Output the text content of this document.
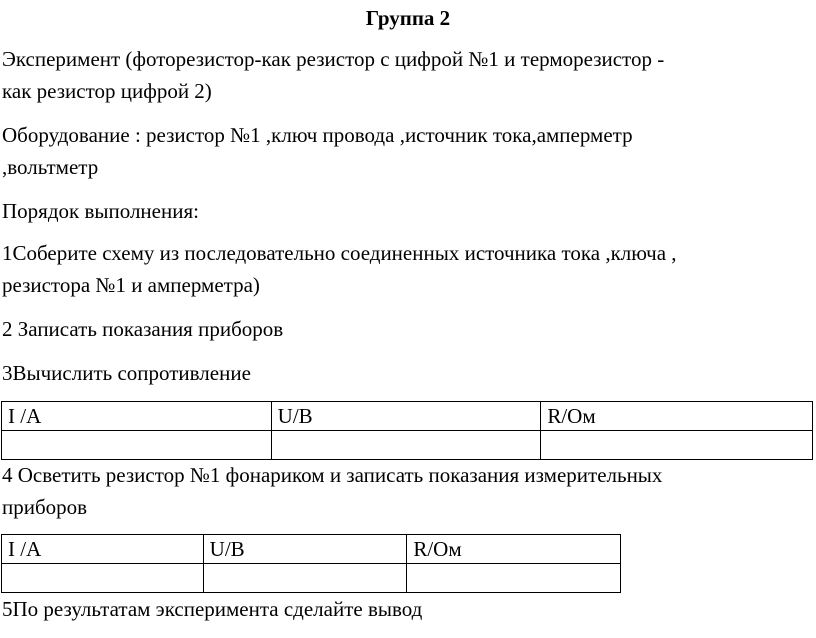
Группа 2
Эксперимент (фоторезистор-как резистор с цифрой №1 и терморезистор -
как резистор цифрой 2)
Оборудование : резистор №1 ,ключ провода ,источник тока,амперметр
,вольтметр
Порядок выполнения:
1Соберите схему из последовательно соединенных источника тока ,ключа ,
резистора №1 и амперметра)
2 Записать показания приборов
3Вычислить сопротивление
I /А	U/В	R/Ом

4 Осветить резистор №1 фонариком и записать показания измерительных
приборов
I /А	U/В	R/Ом

5По результатам эксперимента сделайте вывод
